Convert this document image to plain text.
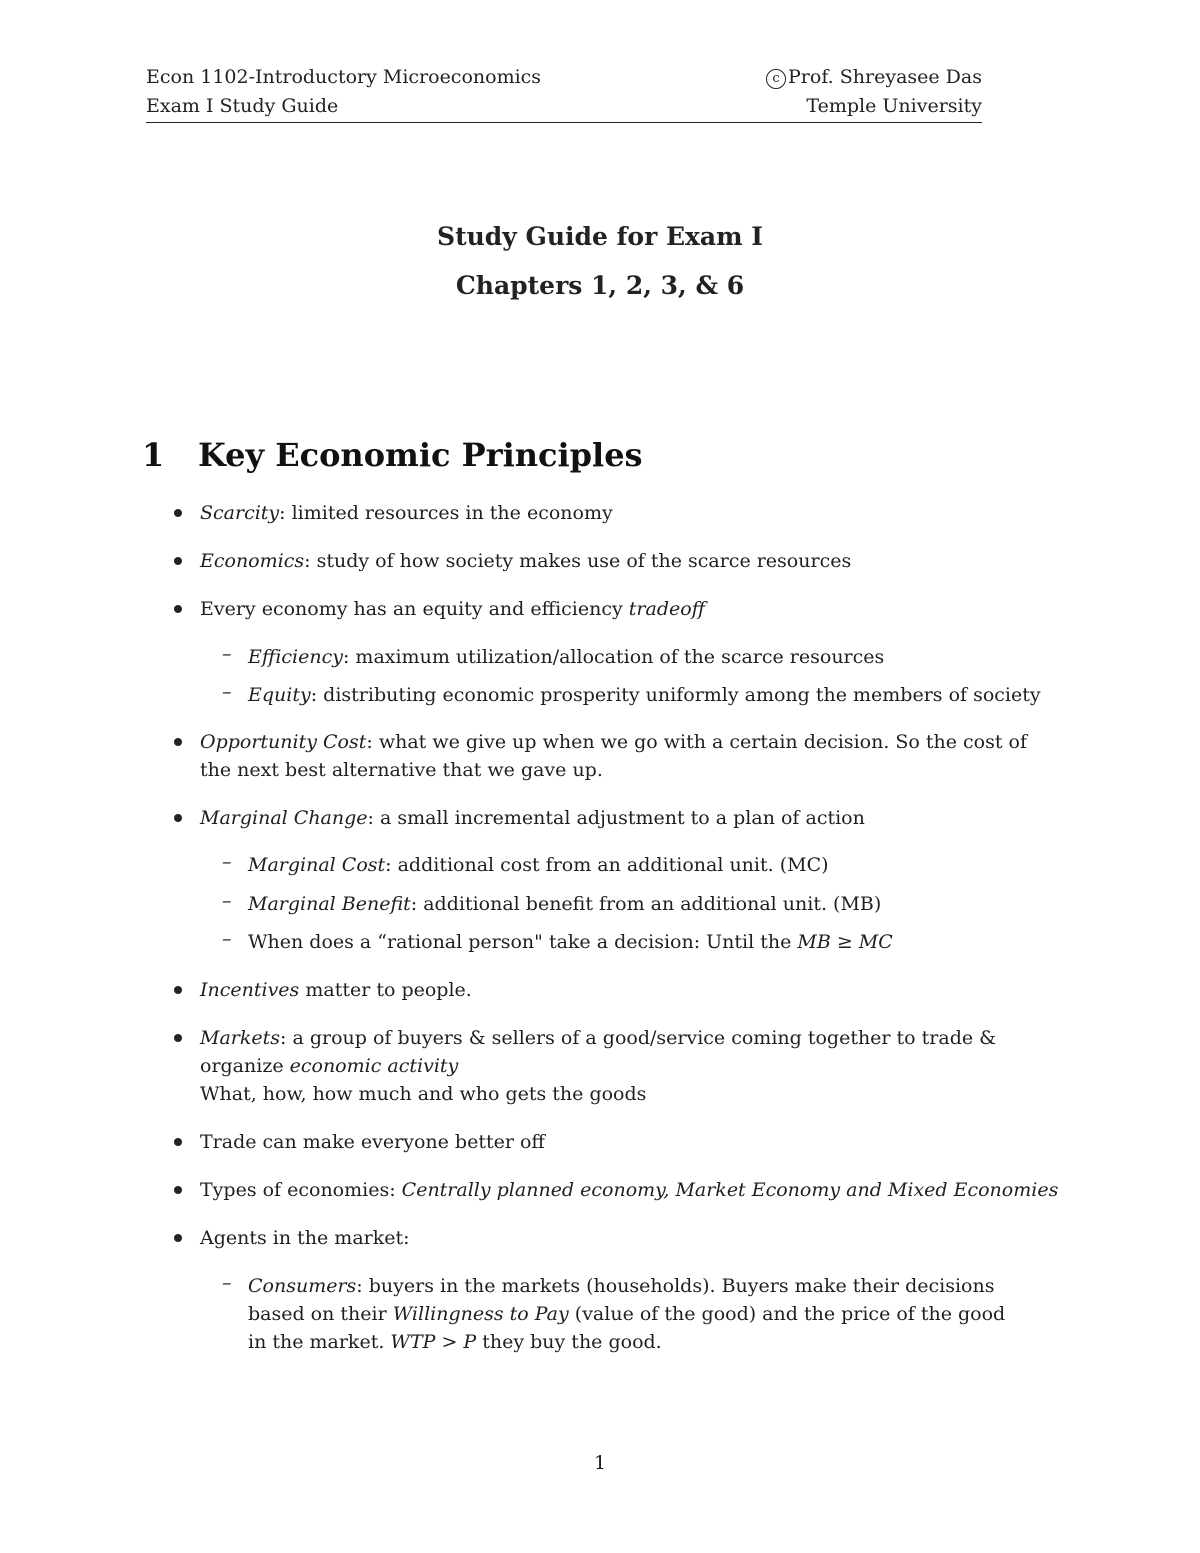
Econ 1102-Introductory Microeconomics	c Prof. Shreyasee Das
Exam I Study Guide	Temple University
Study Guide for Exam I
Chapters 1, 2, 3, & 6
1 Key Economic Principles
Scarcity: limited resources in the economy
Economics: study of how society makes use of the scarce resources
Every economy has an equity and efficiency tradeoff
– Efficiency: maximum utilization/allocation of the scarce resources
– Equity: distributing economic prosperity uniformly among the members of society
Opportunity Cost: what we give up when we go with a certain decision. So the cost of
the next best alternative that we gave up.
Marginal Change: a small incremental adjustment to a plan of action
– Marginal Cost: additional cost from an additional unit. (MC)
– Marginal Benefit: additional benefit from an additional unit. (MB)
– When does a “rational person" take a decision: Until the MB ≥ MC
Incentives matter to people.
Markets: a group of buyers & sellers of a good/service coming together to trade &
organize economic activity
What, how, how much and who gets the goods
Trade can make everyone better off
Types of economies: Centrally planned economy, Market Economy and Mixed Economies
Agents in the market:
– Consumers: buyers in the markets (households). Buyers make their decisions
based on their Willingness to Pay (value of the good) and the price of the good
in the market. WTP > P they buy the good.
1
